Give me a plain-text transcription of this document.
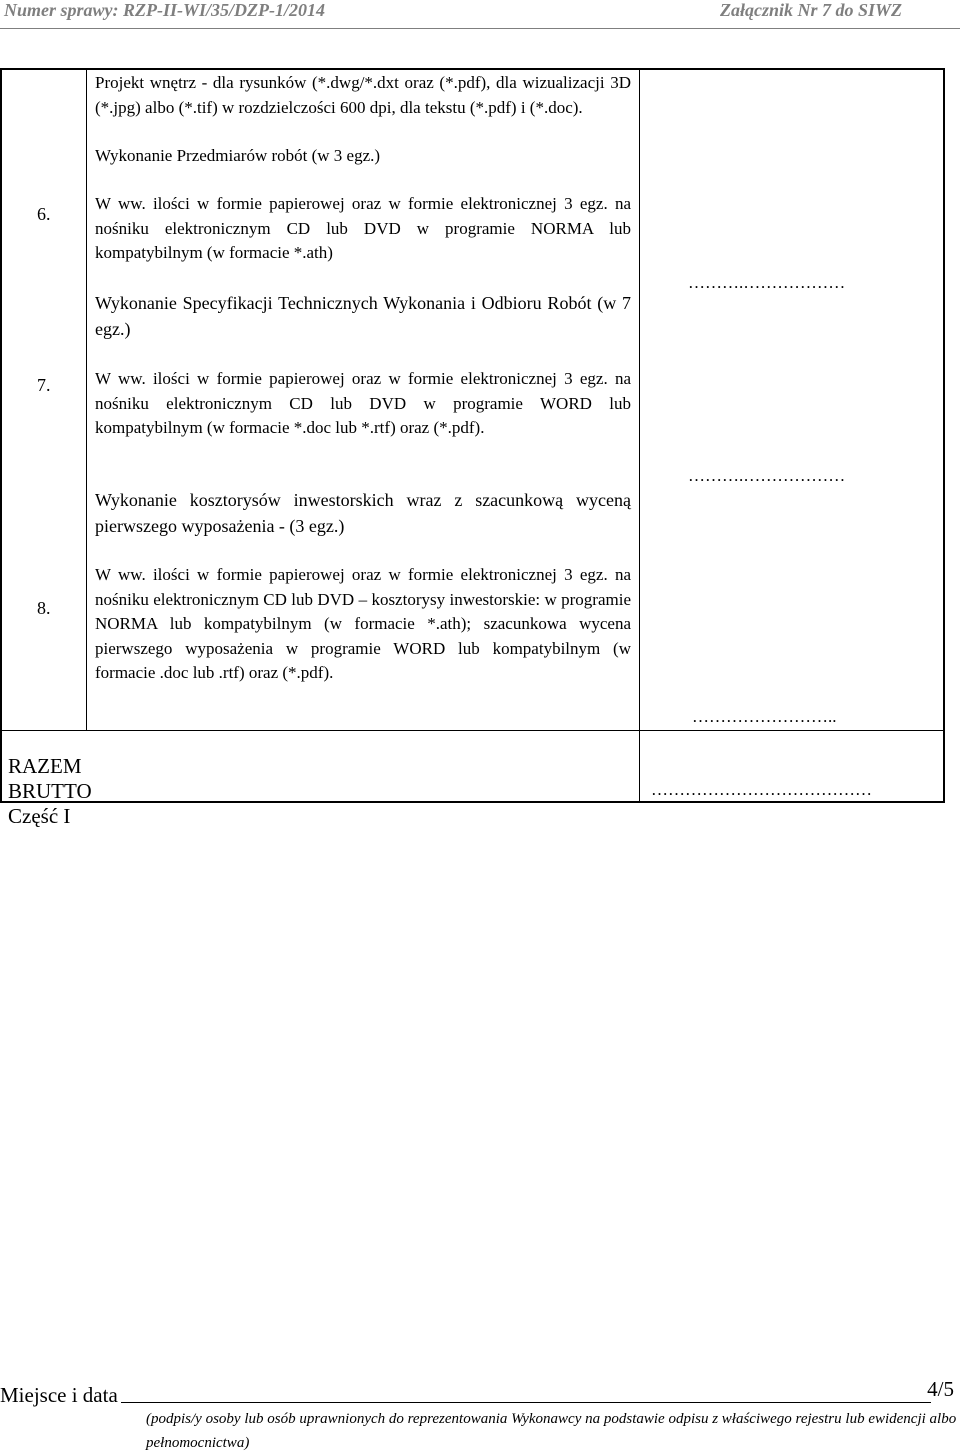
Numer sprawy: RZP-II-WI/35/DZP-1/2014	Załącznik Nr 7 do SIWZ
Projekt wnętrz - dla rysunków (*.dwg/*.dxt oraz (*.pdf), dla wizualizacji 3D (*.jpg) albo (*.tif) w rozdzielczości 600 dpi, dla tekstu (*.pdf) i (*.doc).
6.
Wykonanie Przedmiarów robót (w 3 egz.)
W ww. ilości w formie papierowej oraz w formie elektronicznej 3 egz. na nośniku elektronicznym CD lub DVD w programie NORMA lub kompatybilnym (w formacie *.ath)
……….………………
7.
Wykonanie Specyfikacji Technicznych Wykonania i Odbioru Robót (w 7 egz.)
W ww. ilości w formie papierowej oraz w formie elektronicznej 3 egz. na nośniku elektronicznym CD lub DVD w programie WORD lub kompatybilnym (w formacie *.doc lub *.rtf) oraz (*.pdf).
……….………………
8.
Wykonanie kosztorysów inwestorskich wraz z szacunkową wyceną pierwszego wyposażenia - (3 egz.)
W ww. ilości w formie papierowej oraz w formie elektronicznej 3 egz. na nośniku elektronicznym CD lub DVD – kosztorysy inwestorskie: w programie NORMA lub kompatybilnym (w formacie *.ath); szacunkowa wycena pierwszego wyposażenia w programie WORD lub kompatybilnym (w formacie .doc lub .rtf) oraz (*.pdf).
……………………..
RAZEM BRUTTO Część I
…………………………………
Miejsce i data	4/5
(podpis/y osoby lub osób uprawnionych do reprezentowania Wykonawcy na podstawie odpisu z właściwego rejestru lub ewidencji albo pełnomocnictwa)
